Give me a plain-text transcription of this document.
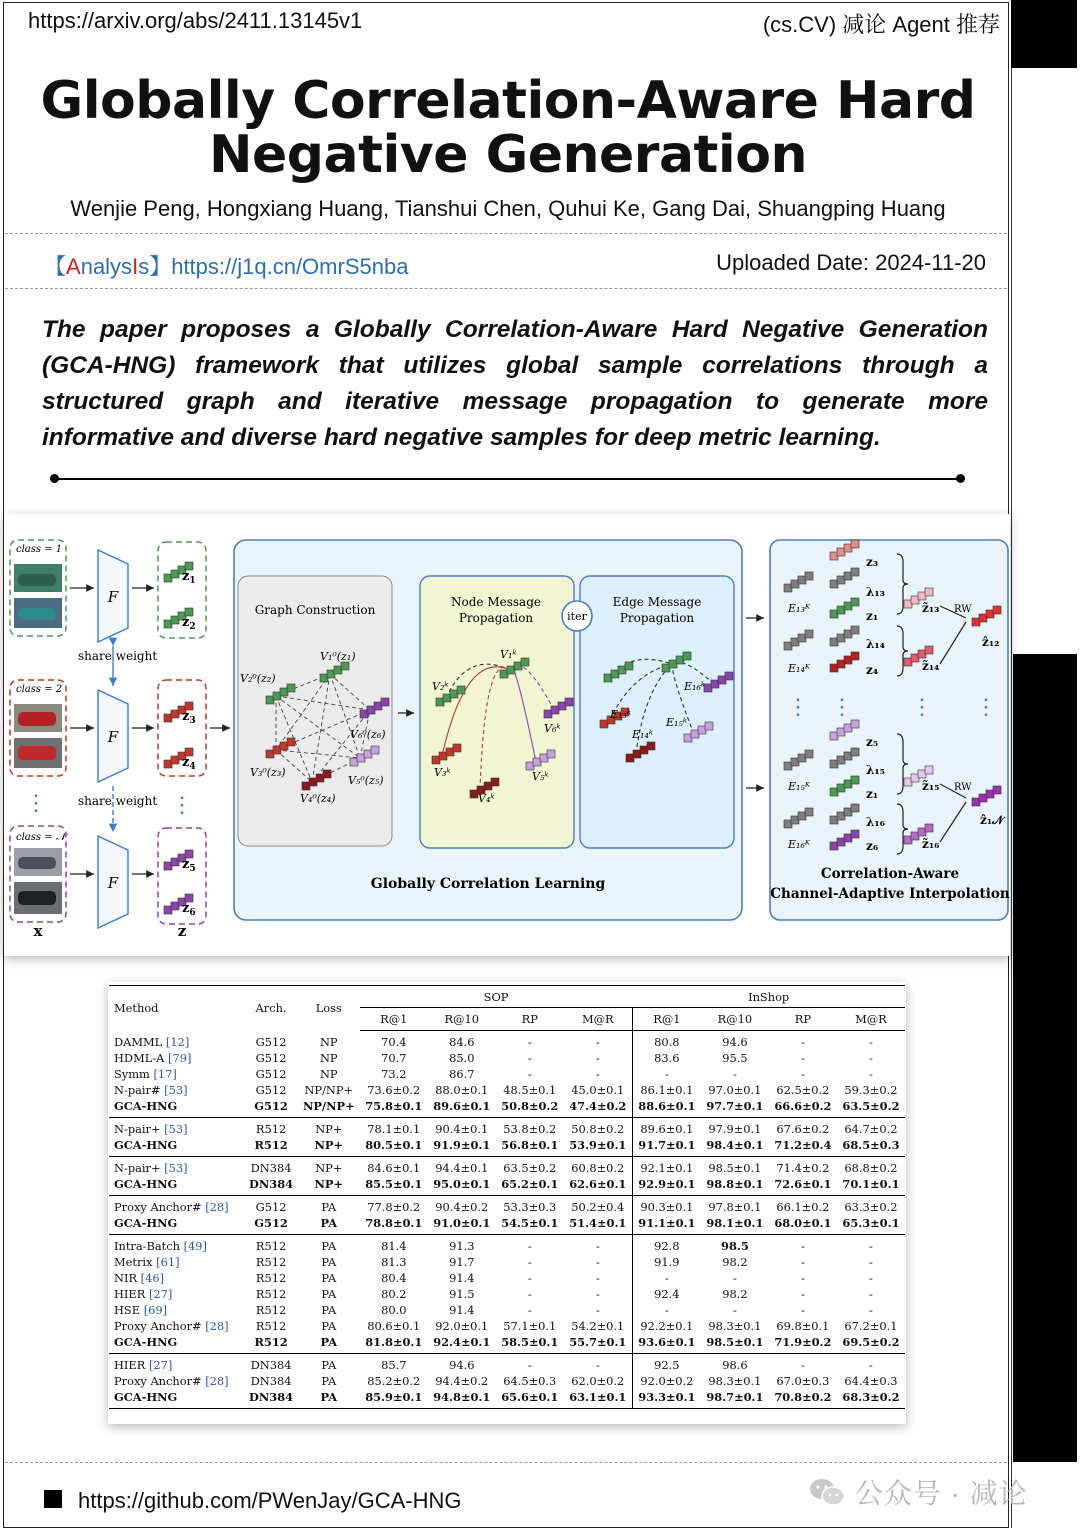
https://arxiv.org/abs/2411.13145v1	(cs.CV) 减论 Agent 推荐
Globally Correlation-Aware Hard
Negative Generation
Wenjie Peng, Hongxiang Huang, Tianshui Chen, Quhui Ke, Gang Dai, Shuangping Huang
【AnalysIs】https://j1q.cn/OmrS5nba	Uploaded Date: 2024-11-20
The paper proposes a Globally Correlation-Aware Hard Negative Generation (GCA-HNG) framework that utilizes global sample correlations through a structured graph and iterative message propagation to generate more informative and diverse hard negative samples for deep metric learning.
class = 1
class = 2
class = 𝒩
⋮
F
F
F
share weight
share weight
x	z
⋮
$z_1$
$z_2$
$z_3$
$z_4$
$z_5$
$z_6$
iter
Graph Construction
Node Message
Propagation
Edge Message
Propagation
V₁⁰(z₁)
V₂⁰(z₂)
V₃⁰(z₃)
V₄⁰(z₄)
V₅⁰(z₅)
V₆⁰(z₆)
V₁ᵏ
V₂ᵏ
V₃ᵏ
V₄ᵏ
V₅ᵏ
V₆ᵏ
E₁₆ᵏ
E₁₃ᵏ
E₁₄ᵏ
E₁₅ᵏ
Globally Correlation Learning
⋮ ⋮	⋮ ⋮
E₁₃ᴷ
E₁₄ᴷ
E₁₅ᴷ
E₁₆ᴷ
z₃
λ₁₃
z₁
λ₁₄
z₄
z₅
λ₁₅
z₁
λ₁₆
z₆
z̃₁₃
z̃₁₄
z̃₁₅
z̃₁₆
ẑ₁₂
ẑ₁𝒩
RW
RW
Correlation-Aware
Channel-Adaptive Interpolation
Method	Arch.	Loss	SOP				InShop			
			R@1	R@10	RP	M@R	R@1	R@10	RP	M@R
DAMML [12]	G512	NP	70.4	84.6	-	-	80.8	94.6	-	-
HDML-A [79]	G512	NP	70.7	85.0	-	-	83.6	95.5	-	-
Symm [17]	G512	NP	73.2	86.7	-	-	-	-	-	-
N-pair# [53]	G512	NP/NP+	73.6±0.2	88.0±0.1	48.5±0.1	45.0±0.1	86.1±0.1	97.0±0.1	62.5±0.2	59.3±0.2
GCA-HNG	G512	NP/NP+	75.8±0.1	89.6±0.1	50.8±0.2	47.4±0.2	88.6±0.1	97.7±0.1	66.6±0.2	63.5±0.2
N-pair+ [53]	R512	NP+	78.1±0.1	90.4±0.1	53.8±0.2	50.8±0.2	89.6±0.1	97.9±0.1	67.6±0.2	64.7±0.2
GCA-HNG	R512	NP+	80.5±0.1	91.9±0.1	56.8±0.1	53.9±0.1	91.7±0.1	98.4±0.1	71.2±0.4	68.5±0.3
N-pair+ [53]	DN384	NP+	84.6±0.1	94.4±0.1	63.5±0.2	60.8±0.2	92.1±0.1	98.5±0.1	71.4±0.2	68.8±0.2
GCA-HNG	DN384	NP+	85.5±0.1	95.0±0.1	65.2±0.1	62.6±0.1	92.9±0.1	98.8±0.1	72.6±0.1	70.1±0.1
Proxy Anchor# [28]	G512	PA	77.8±0.2	90.4±0.2	53.3±0.3	50.2±0.4	90.3±0.1	97.8±0.1	66.1±0.2	63.3±0.2
GCA-HNG	G512	PA	78.8±0.1	91.0±0.1	54.5±0.1	51.4±0.1	91.1±0.1	98.1±0.1	68.0±0.1	65.3±0.1
Intra-Batch [49]	R512	PA	81.4	91.3	-	-	92.8	98.5	-	-
Metrix [61]	R512	PA	81.3	91.7	-	-	91.9	98.2	-	-
NIR [46]	R512	PA	80.4	91.4	-	-	-	-	-	-
HIER [27]	R512	PA	80.2	91.5	-	-	92.4	98.2	-	-
HSE [69]	R512	PA	80.0	91.4	-	-	-	-	-	-
Proxy Anchor# [28]	R512	PA	80.6±0.1	92.0±0.1	57.1±0.1	54.2±0.1	92.2±0.1	98.3±0.1	69.8±0.1	67.2±0.1
GCA-HNG	R512	PA	81.8±0.1	92.4±0.1	58.5±0.1	55.7±0.1	93.6±0.1	98.5±0.1	71.9±0.2	69.5±0.2
HIER [27]	DN384	PA	85.7	94.6	-	-	92.5	98.6	-	-
Proxy Anchor# [28]	DN384	PA	85.2±0.2	94.4±0.2	64.5±0.3	62.0±0.2	92.0±0.2	98.3±0.1	67.0±0.3	64.4±0.3
GCA-HNG	DN384	PA	85.9±0.1	94.8±0.1	65.6±0.1	63.1±0.1	93.3±0.1	98.7±0.1	70.8±0.2	68.3±0.2
https://github.com/PWenJay/GCA-HNG	公众号 · 减论
